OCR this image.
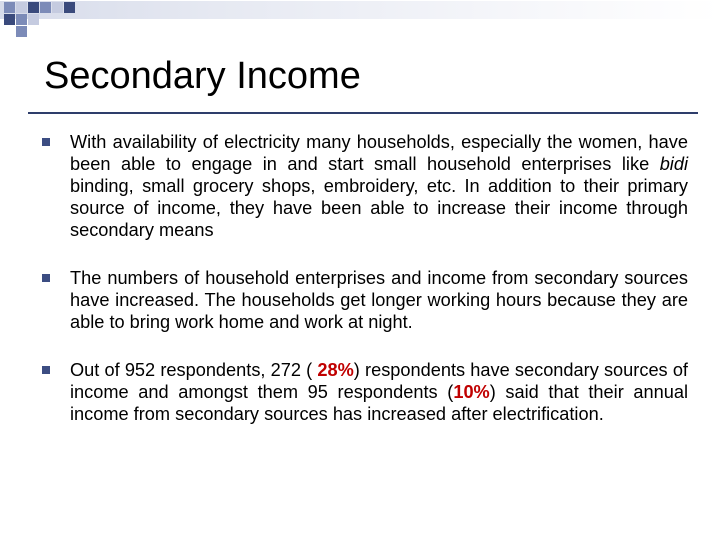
Secondary Income
With availability of electricity many households, especially the women, have been able to engage in and start small household enterprises like bidi binding, small grocery shops, embroidery, etc. In addition to their primary source of income, they have been able to increase their income through secondary means
The numbers of household enterprises and income from secondary sources have increased. The households get longer working hours because they are able to bring work home and work at night.
Out of 952 respondents, 272 ( 28%) respondents have secondary sources of income and amongst them 95 respondents (10%) said that their annual income from secondary sources has increased after electrification.
